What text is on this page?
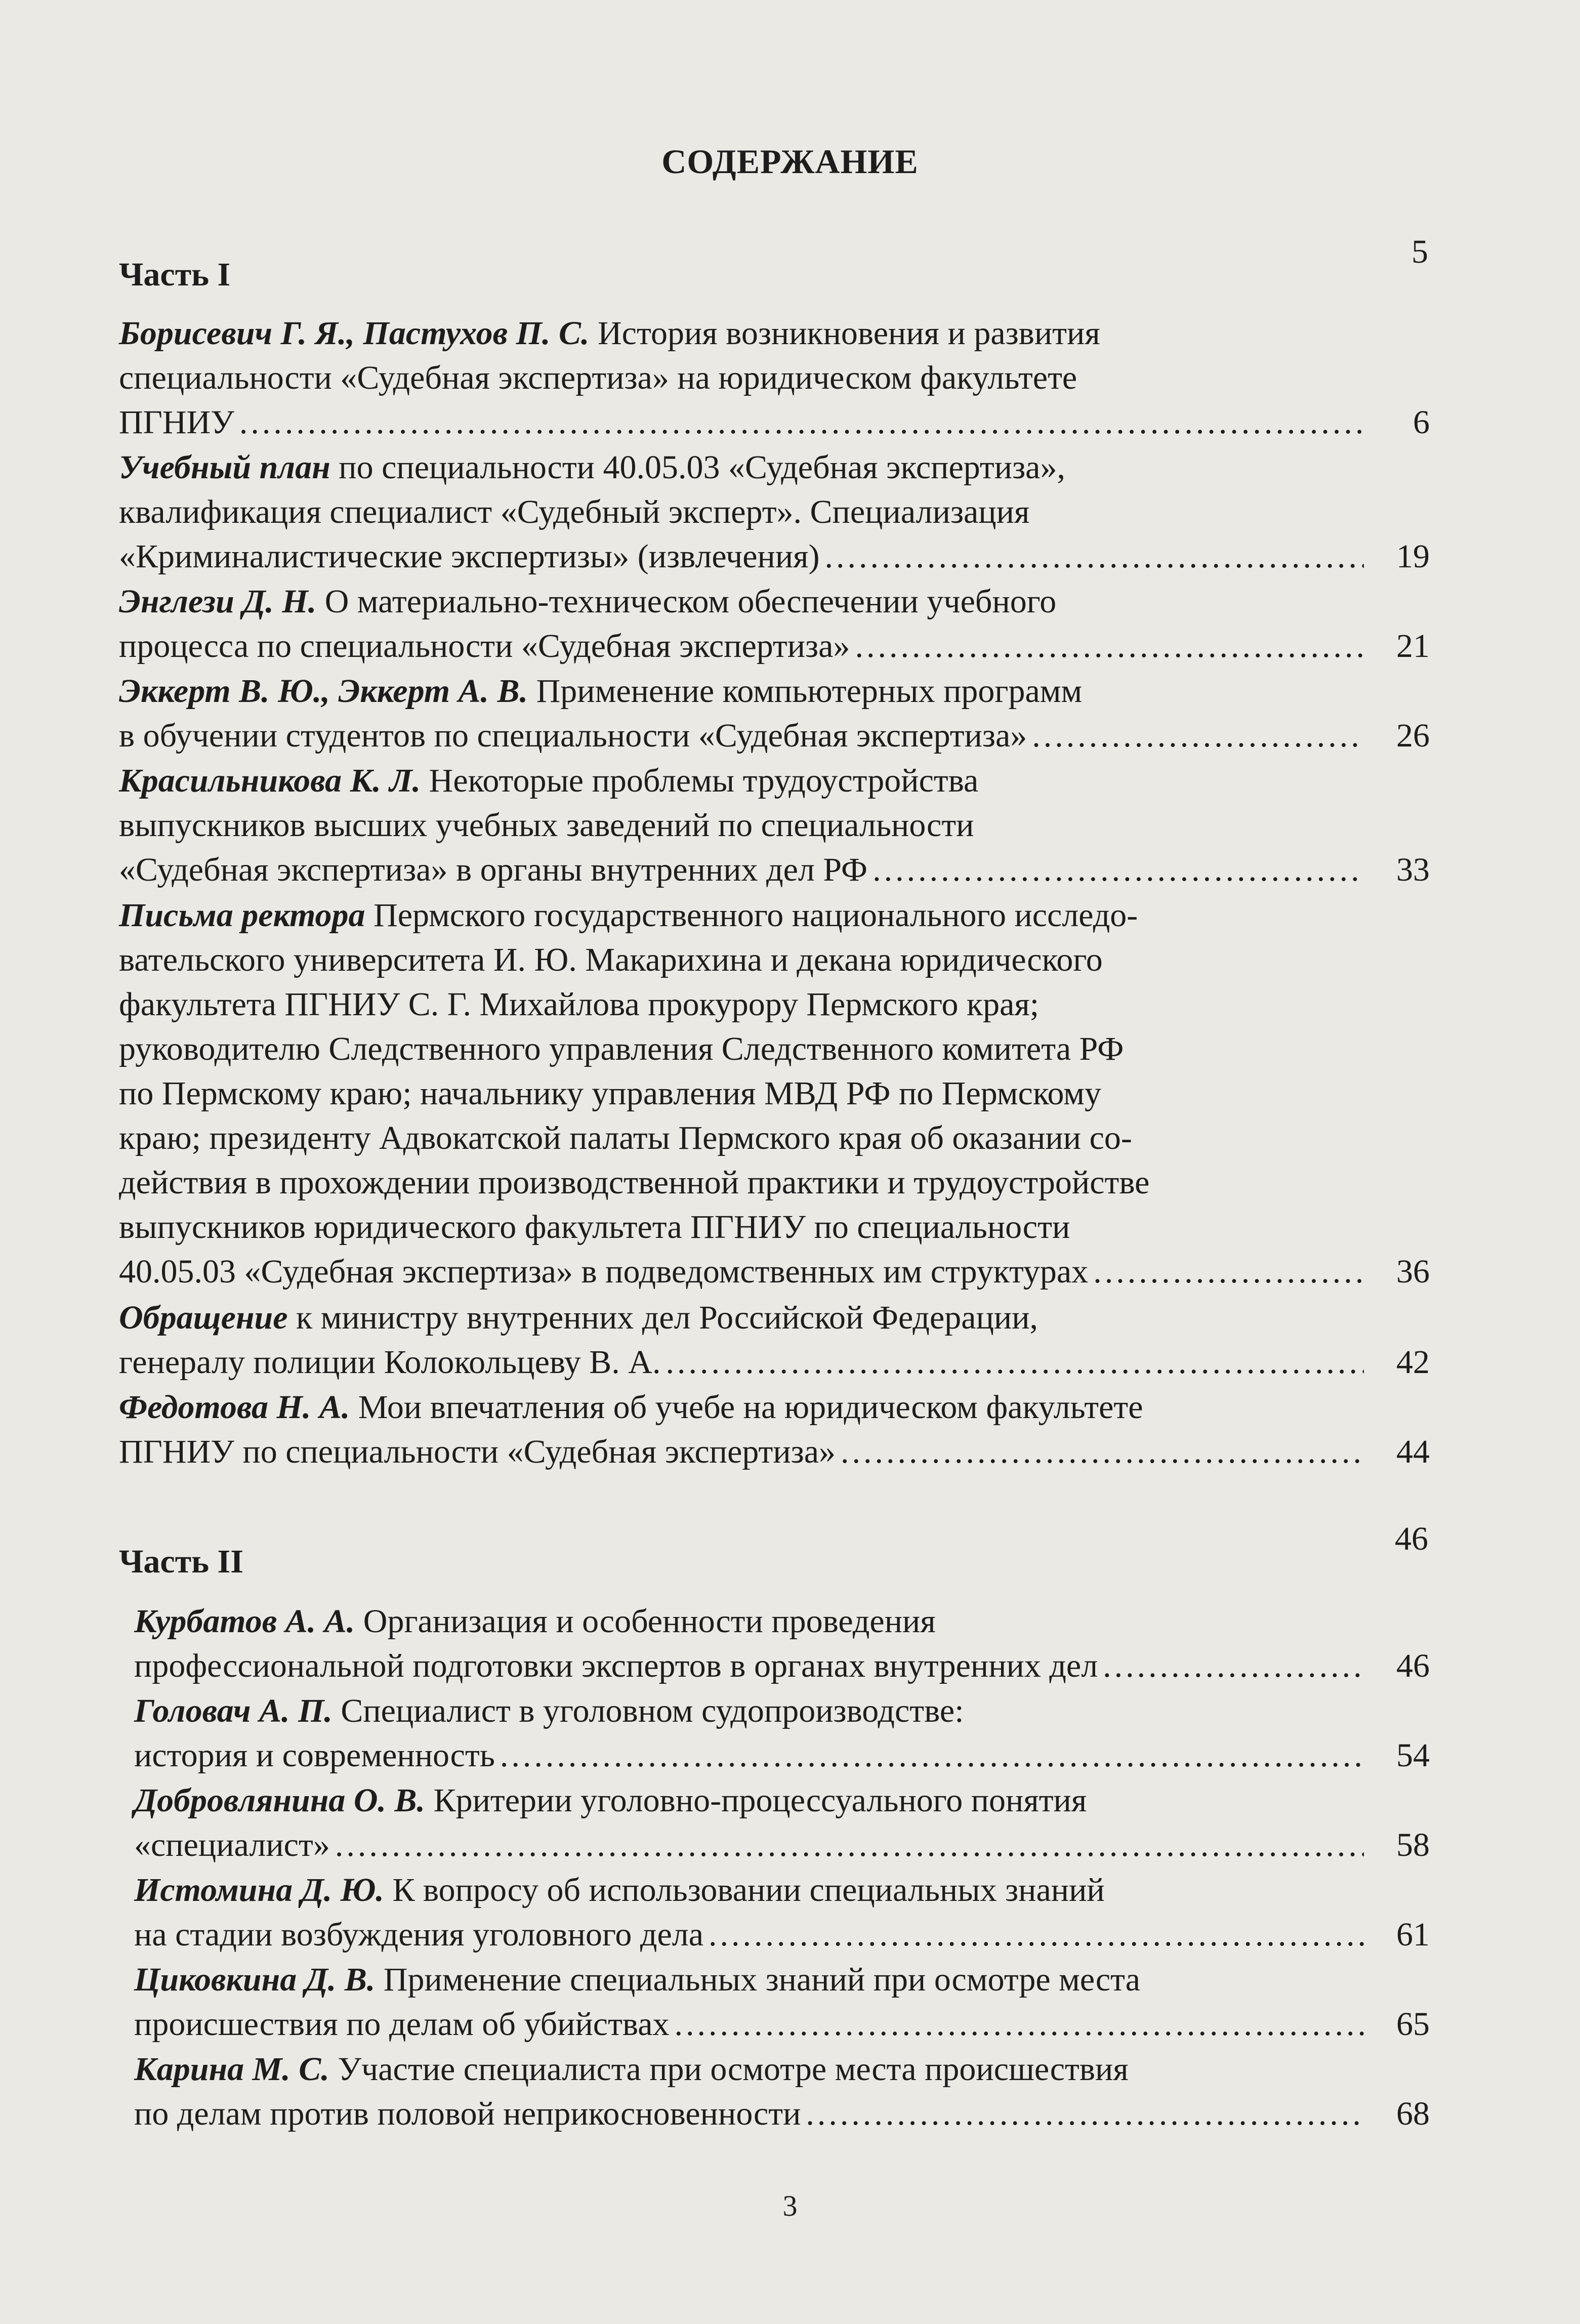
СОДЕРЖАНИЕ
Часть I
5
Борисевич Г. Я., Пастухов П. С. История возникновения и развития
специальности «Судебная экспертиза» на юридическом факультете
ПГНИУ .....	6
Учебный план по специальности 40.05.03 «Судебная экспертиза»,
квалификация специалист «Судебный эксперт». Специализация
«Криминалистические экспертизы» (извлечения) .....	19
Энглези Д. Н. О материально-техническом обеспечении учебного
процесса по специальности «Судебная экспертиза» .....	21
Эккерт В. Ю., Эккерт А. В. Применение компьютерных программ
в обучении студентов по специальности «Судебная экспертиза» .....	26
Красильникова К. Л. Некоторые проблемы трудоустройства
выпускников высших учебных заведений по специальности
«Судебная экспертиза» в органы внутренних дел РФ .....	33
Письма ректора Пермского государственного национального исследо-
вательского университета И. Ю. Макарихина и декана юридического
факультета ПГНИУ С. Г. Михайлова прокурору Пермского края;
руководителю Следственного управления Следственного комитета РФ
по Пермскому краю; начальнику управления МВД РФ по Пермскому
краю; президенту Адвокатской палаты Пермского края об оказании со-
действия в прохождении производственной практики и трудоустройстве
выпускников юридического факультета ПГНИУ по специальности
40.05.03 «Судебная экспертиза» в подведомственных им структурах .....	36
Обращение к министру внутренних дел Российской Федерации,
генералу полиции Колокольцеву В. А. .....	42
Федотова Н. А. Мои впечатления об учебе на юридическом факультете
ПГНИУ по специальности «Судебная экспертиза» .....	44
Часть II
46
Курбатов А. А. Организация и особенности проведения
профессиональной подготовки экспертов в органах внутренних дел .....	46
Головач А. П. Специалист в уголовном судопроизводстве:
история и современность .....	54
Добровлянина О. В. Критерии уголовно-процессуального понятия
«специалист» .....	58
Истомина Д. Ю. К вопросу об использовании специальных знаний
на стадии возбуждения уголовного дела .....	61
Циковкина Д. В. Применение специальных знаний при осмотре места
происшествия по делам об убийствах .....	65
Карина М. С. Участие специалиста при осмотре места происшествия
по делам против половой неприкосновенности .....	68
3
